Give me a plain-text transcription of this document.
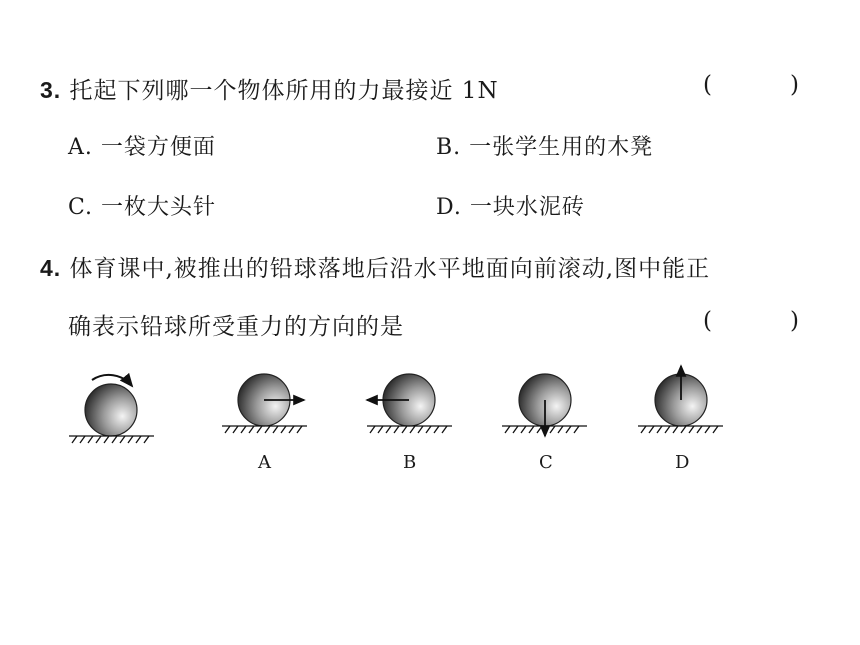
3. 托起下列哪一个物体所用的力最接近 1N	(	)
A. 一袋方便面	B. 一张学生用的木凳
C. 一枚大头针	D. 一块水泥砖
4. 体育课中,被推出的铅球落地后沿水平地面向前滚动,图中能正
确表示铅球所受重力的方向的是	(	)
A	B	C	D
